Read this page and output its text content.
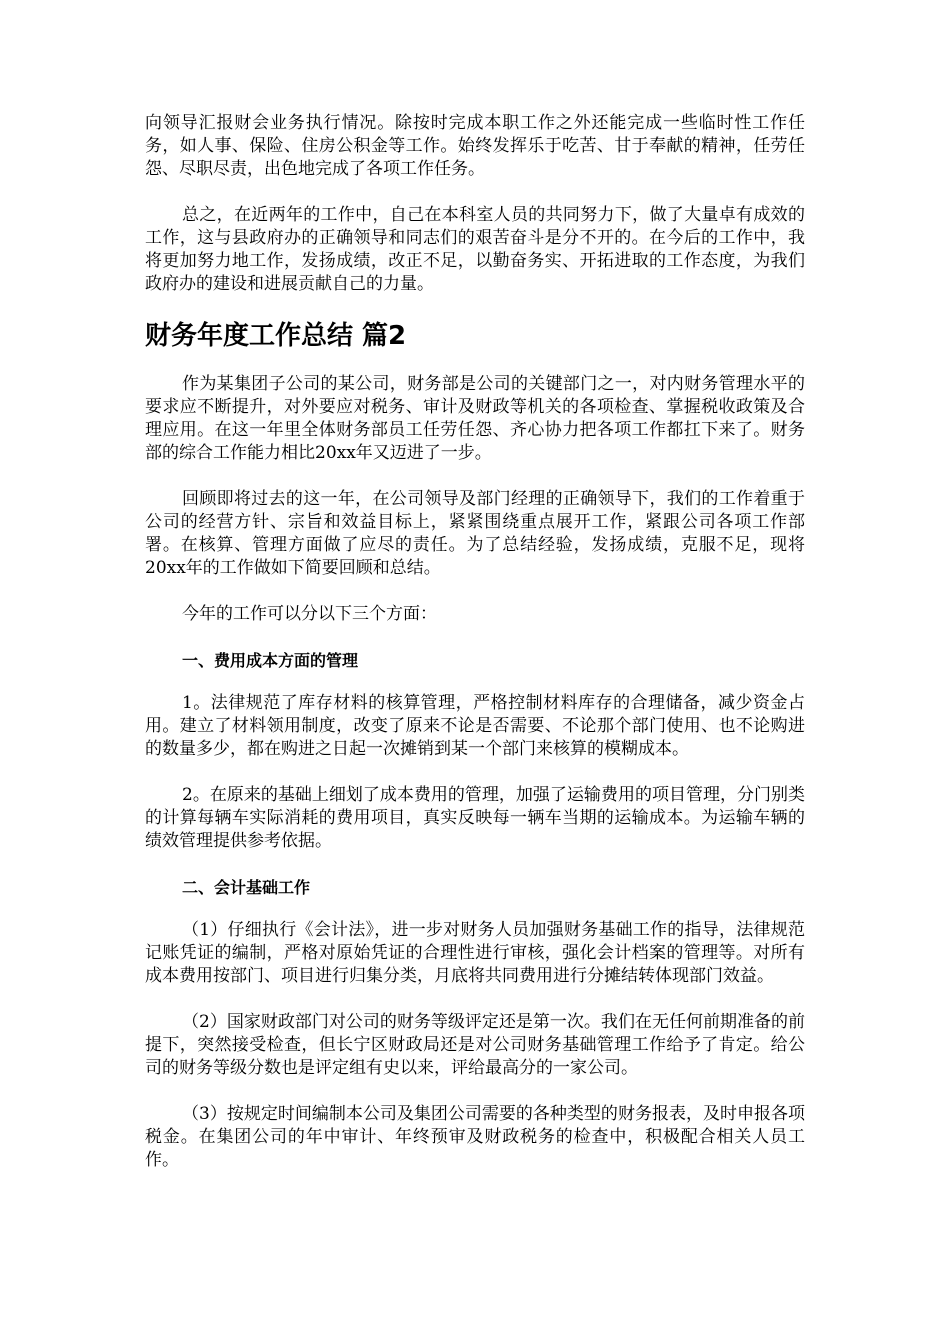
向领导汇报财会业务执行情况。除按时完成本职工作之外还能完成一些临时性工作任务，如人事、保险、住房公积金等工作。始终发挥乐于吃苦、甘于奉献的精神，任劳任怨、尽职尽责，出色地完成了各项工作任务。

总之，在近两年的工作中，自己在本科室人员的共同努力下，做了大量卓有成效的工作，这与县政府办的正确领导和同志们的艰苦奋斗是分不开的。在今后的工作中，我将更加努力地工作，发扬成绩，改正不足，以勤奋务实、开拓进取的工作态度，为我们政府办的建设和进展贡献自己的力量。

财务年度工作总结 篇2

作为某集团子公司的某公司，财务部是公司的关键部门之一，对内财务管理水平的要求应不断提升，对外要应对税务、审计及财政等机关的各项检查、掌握税收政策及合理应用。在这一年里全体财务部员工任劳任怨、齐心协力把各项工作都扛下来了。财务部的综合工作能力相比20xx年又迈进了一步。

回顾即将过去的这一年，在公司领导及部门经理的正确领导下，我们的工作着重于公司的经营方针、宗旨和效益目标上，紧紧围绕重点展开工作，紧跟公司各项工作部署。在核算、管理方面做了应尽的责任。为了总结经验，发扬成绩，克服不足，现将20xx年的工作做如下简要回顾和总结。

今年的工作可以分以下三个方面：

一、费用成本方面的管理

1。法律规范了库存材料的核算管理，严格控制材料库存的合理储备，减少资金占用。建立了材料领用制度，改变了原来不论是否需要、不论那个部门使用、也不论购进的数量多少，都在购进之日起一次摊销到某一个部门来核算的模糊成本。

2。在原来的基础上细划了成本费用的管理，加强了运输费用的项目管理，分门别类的计算每辆车实际消耗的费用项目，真实反映每一辆车当期的运输成本。为运输车辆的绩效管理提供参考依据。

二、会计基础工作

（1）仔细执行《会计法》，进一步对财务人员加强财务基础工作的指导，法律规范记账凭证的编制，严格对原始凭证的合理性进行审核，强化会计档案的管理等。对所有成本费用按部门、项目进行归集分类，月底将共同费用进行分摊结转体现部门效益。

（2）国家财政部门对公司的财务等级评定还是第一次。我们在无任何前期准备的前提下，突然接受检查，但长宁区财政局还是对公司财务基础管理工作给予了肯定。给公司的财务等级分数也是评定组有史以来，评给最高分的一家公司。

（3）按规定时间编制本公司及集团公司需要的各种类型的财务报表，及时申报各项税金。在集团公司的年中审计、年终预审及财政税务的检查中，积极配合相关人员工作。
